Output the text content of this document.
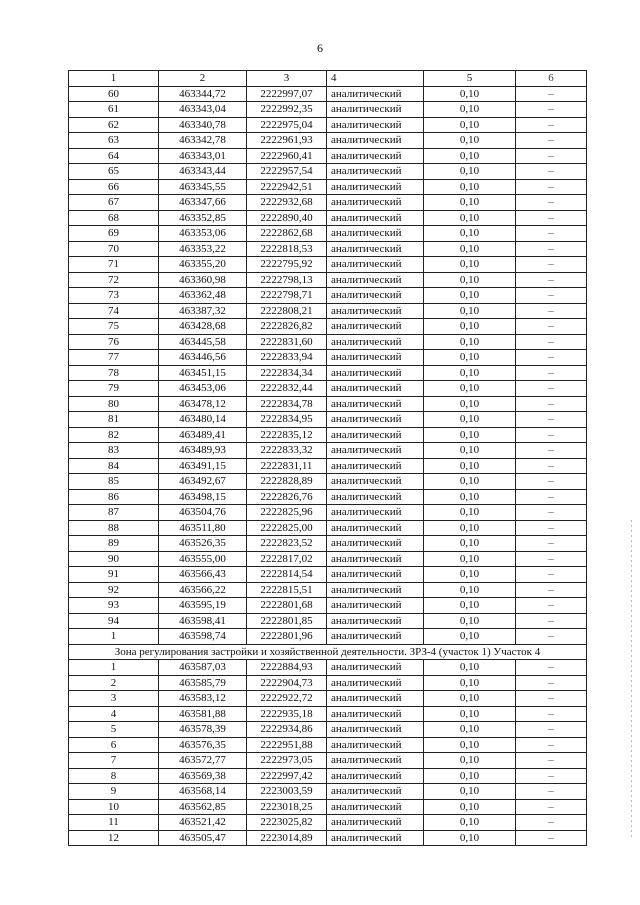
6
1	2	3	4	5	6
60	463344,72	2222997,07	аналитический	0,10	–
61	463343,04	2222992,35	аналитический	0,10	–
62	463340,78	2222975,04	аналитический	0,10	–
63	463342,78	2222961,93	аналитический	0,10	–
64	463343,01	2222960,41	аналитический	0,10	–
65	463343,44	2222957,54	аналитический	0,10	–
66	463345,55	2222942,51	аналитический	0,10	–
67	463347,66	2222932,68	аналитический	0,10	–
68	463352,85	2222890,40	аналитический	0,10	–
69	463353,06	2222862,68	аналитический	0,10	–
70	463353,22	2222818,53	аналитический	0,10	–
71	463355,20	2222795,92	аналитический	0,10	–
72	463360,98	2222798,13	аналитический	0,10	–
73	463362,48	2222798,71	аналитический	0,10	–
74	463387,32	2222808,21	аналитический	0,10	–
75	463428,68	2222826,82	аналитический	0,10	–
76	463445,58	2222831,60	аналитический	0,10	–
77	463446,56	2222833,94	аналитический	0,10	–
78	463451,15	2222834,34	аналитический	0,10	–
79	463453,06	2222832,44	аналитический	0,10	–
80	463478,12	2222834,78	аналитический	0,10	–
81	463480,14	2222834,95	аналитический	0,10	–
82	463489,41	2222835,12	аналитический	0,10	–
83	463489,93	2222833,32	аналитический	0,10	–
84	463491,15	2222831,11	аналитический	0,10	–
85	463492,67	2222828,89	аналитический	0,10	–
86	463498,15	2222826,76	аналитический	0,10	–
87	463504,76	2222825,96	аналитический	0,10	–
88	463511,80	2222825,00	аналитический	0,10	–
89	463526,35	2222823,52	аналитический	0,10	–
90	463555,00	2222817,02	аналитический	0,10	–
91	463566,43	2222814,54	аналитический	0,10	–
92	463566,22	2222815,51	аналитический	0,10	–
93	463595,19	2222801,68	аналитический	0,10	–
94	463598,41	2222801,85	аналитический	0,10	–
1	463598,74	2222801,96	аналитический	0,10	–
Зона регулирования застройки и хозяйственной деятельности. ЗРЗ-4 (участок 1) Участок 4					
1	463587,03	2222884,93	аналитический	0,10	–
2	463585,79	2222904,73	аналитический	0,10	–
3	463583,12	2222922,72	аналитический	0,10	–
4	463581,88	2222935,18	аналитический	0,10	–
5	463578,39	2222934,86	аналитический	0,10	–
6	463576,35	2222951,88	аналитический	0,10	–
7	463572,77	2222973,05	аналитический	0,10	–
8	463569,38	2222997,42	аналитический	0,10	–
9	463568,14	2223003,59	аналитический	0,10	–
10	463562,85	2223018,25	аналитический	0,10	–
11	463521,42	2223025,82	аналитический	0,10	–
12	463505,47	2223014,89	аналитический	0,10	–
